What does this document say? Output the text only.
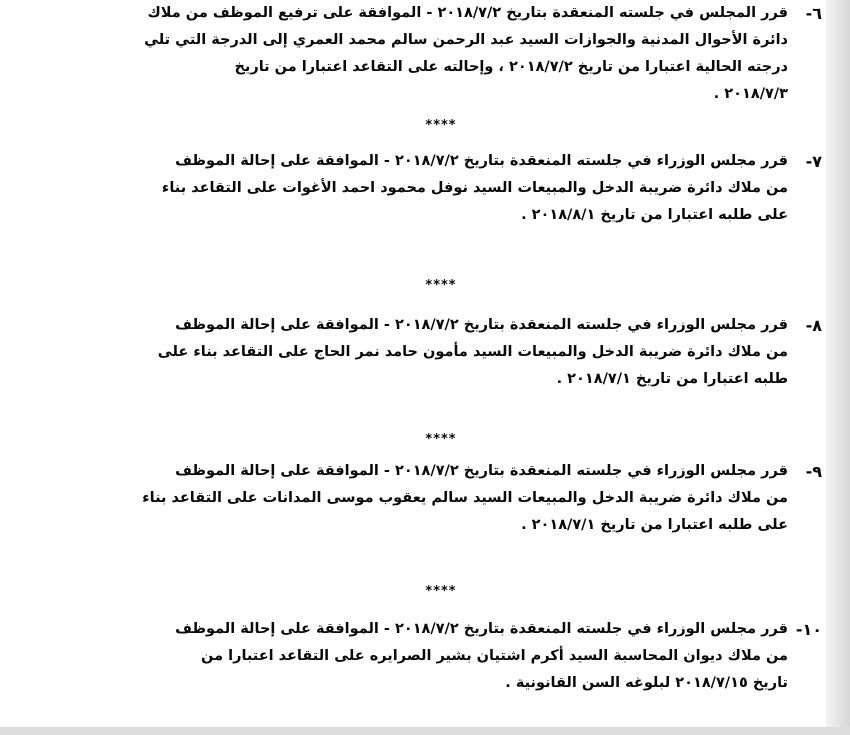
٦-
قرر المجلس في جلسته المنعقدة بتاريخ ٢٠١٨/٧/٢ - الموافقة على ترفيع الموظف من ملاك
دائرة الأحوال المدنية والجوازات السيد عبد الرحمن سالم محمد العمري إلى الدرجة التي تلي
درجته الحالية اعتبارا من تاريخ ٢٠١٨/٧/٢ ، وإحالته على التقاعد اعتبارا من تاريخ
٢٠١٨/٧/٣ .
****
٧-
قرر مجلس الوزراء في جلسته المنعقدة بتاريخ ٢٠١٨/٧/٢ - الموافقة على إحالة الموظف
من ملاك دائرة ضريبة الدخل والمبيعات السيد نوفل محمود احمد الأغوات على التقاعد بناء
على طلبه اعتبارا من تاريخ ٢٠١٨/٨/١ .
****
٨-
قرر مجلس الوزراء في جلسته المنعقدة بتاريخ ٢٠١٨/٧/٢ - الموافقة على إحالة الموظف
من ملاك دائرة ضريبة الدخل والمبيعات السيد مأمون حامد نمر الحاج على التقاعد بناء على
طلبه اعتبارا من تاريخ ٢٠١٨/٧/١ .
****
٩-
قرر مجلس الوزراء في جلسته المنعقدة بتاريخ ٢٠١٨/٧/٢ - الموافقة على إحالة الموظف
من ملاك دائرة ضريبة الدخل والمبيعات السيد سالم يعقوب موسى المدانات على التقاعد بناء
على طلبه اعتبارا من تاريخ ٢٠١٨/٧/١ .
****
١٠-
قرر مجلس الوزراء في جلسته المنعقدة بتاريخ ٢٠١٨/٧/٢ - الموافقة على إحالة الموظف
من ملاك ديوان المحاسبة السيد أكرم اشتيان بشير الصرايره على التقاعد اعتبارا من
تاريخ ٢٠١٨/٧/١٥ لبلوغه السن القانونية .
